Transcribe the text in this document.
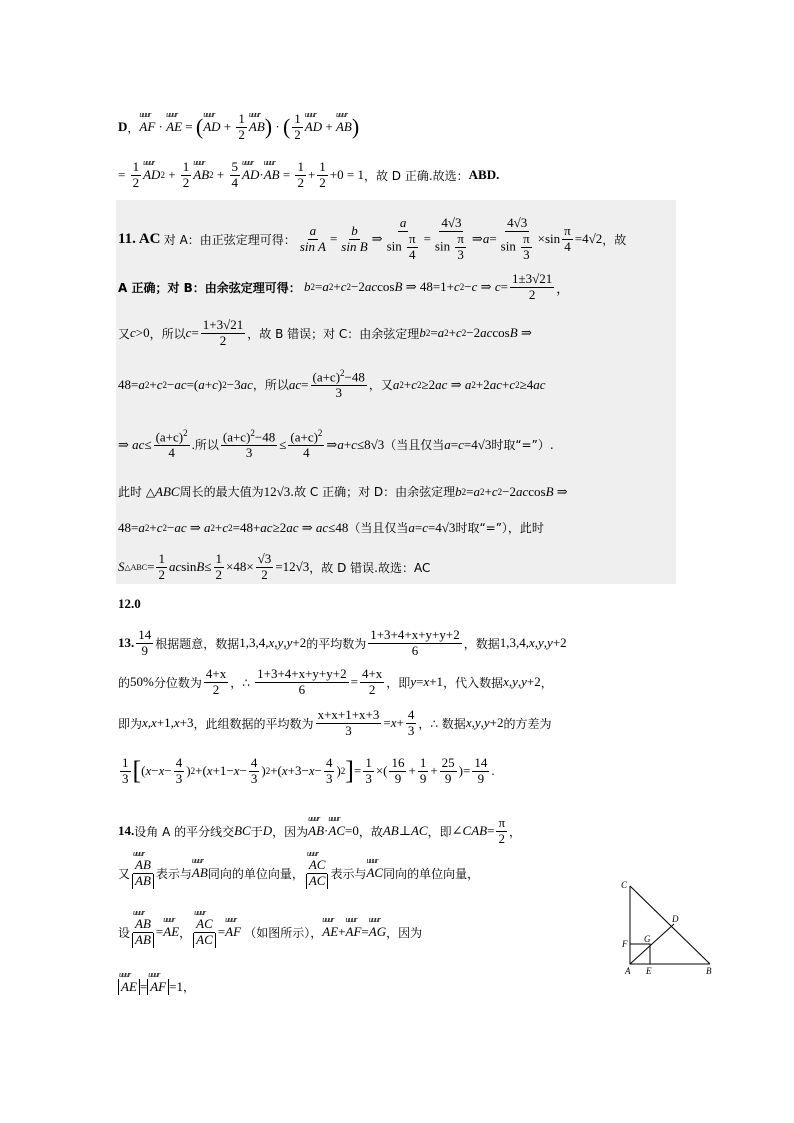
D ， uuur AF · uuur AE = ( uuur AD + $\frac{1}{2}$ uuur AB ) · ( $\frac{1}{2}$ uuur AD + uuur AB )
= $\frac{1}{2}$ uuur AD $2 + \frac{1}{2}$ uuur AB $2 + \frac{5}{4}$ uuur AD · uuur AB = $\frac{1}{2} + \frac{1}{2} +0 = 1$ ，故 D 正确.故选： ABD.
11. AC
对 A：由正弦定理可得： $\frac{a}{\text{sin A}} = \frac{b}{\text{sin B}}$ ⇒ $\frac{a}{\sin \frac{\pi}{4}} = \frac{4√3}{\sin \frac{\pi}{3}}$ ⇒ $a = \frac{4√3}{\sin \frac{\pi}{3}} \times\sin \frac{\pi}{4} =4√2$ ，故
A 正确；对 B：由余弦定理可得：
b 2 = a 2 + c 2 −2 ac cos B ⇒ 48=1+ c 2 − c ⇒ $c = \frac{1\pm 3√21}{2}$ ，
又 c >0 ，所以 $c = \frac{1+3√21}{2}$ ，故 B 错误；对 C：由余弦定理 b 2 = a 2 + c 2 −2 ac cos B ⇒
48= a 2 + c 2 − ac =( a + c ) 2 −3 ac ，所以 ac = $\frac{(a+c)^2-48}{3}$ ，又 a 2 + c 2 ≥2 ac ⇒ a 2 +2 ac + c 2 ≥4 ac
⇒ ac ≤ $\frac{(a+c)^2}{4}$ . 所以 $\frac{(a+c)^2-48}{3} \le \frac{(a+c)^2}{4}$ ⇒ a + c ≤8√3 （当且仅当 a = c =4√3 时取“=”）.
此时 △ ABC 周长的最大值为 12√3 .故 C 正确；对 D：由余弦定理 b 2 = a 2 + c 2 −2 ac cos B ⇒
48= a 2 + c 2 − ac ⇒ a 2 + c 2 =48+ ac ≥2 ac ⇒ ac ≤48 （当且仅当 a = c =4√3 时取“=”），此时
S △ABC = $\frac{1}{2}$ ac $\sin B \le \frac{1}{2} \times 48\times \frac{√3}{2} =12√3$ ，故 D 错误.故选：AC
12.0
13. $\frac{14}{9}$ 根据题意，数据 1,3,4, x , y , y +2 的平均数为 $\frac{1+3+4+x+y+y+2}{6}$ ，数据 1,3,4, x , y , y +2
的 50% 分位数为 $\frac{4+x}{2}$ ，∴
$\frac{1+3+4+x+y+y+2}{6} = \frac{4+x}{2}$ ，即 y = x +1 ，代入数据 x , y , y +2 ，
即为 x , x +1, x +3 ，此组数据的平均数为 $\frac{x+x+1+x+3}{3} = x + \frac{4}{3}$ ，∴ 数据 x , y , y +2 的方差为
$\frac{1}{3}$ [ ( $x - x - \frac{4}{3}$ ) 2 +( $x +1- x - \frac{4}{3}$ ) 2 +( $x +3- x - \frac{4}{3}$ ) 2 ] = $\frac{1}{3}$ ×( $\frac{16}{9} + \frac{1}{9} + \frac{25}{9}$ )= $\frac{14}{9}$ .
14. 设角 A 的平分线交 BC 于 D ，因为 uuur AB · uuur AC =0 ，故 AB ⊥ AC ，即 ∠ CAB = $\frac{\pi}{2}$ ，
又 uuur $\frac{AB}{AB}$ 表示与 uuur AB 同向的单位向量， uuur $\frac{AC}{AC}$ 表示与 uuur AC 同向的单位向量，
设 uuur $\frac{AB}{AB}$ = uuur AE ， uuur $\frac{AC}{AC}$ = uuur AF
（如图所示）， uuur AE + uuur AF = uuur AG ，因为
uuur AE = uuur AF =1 ，
C
D
G
F
A E	B
